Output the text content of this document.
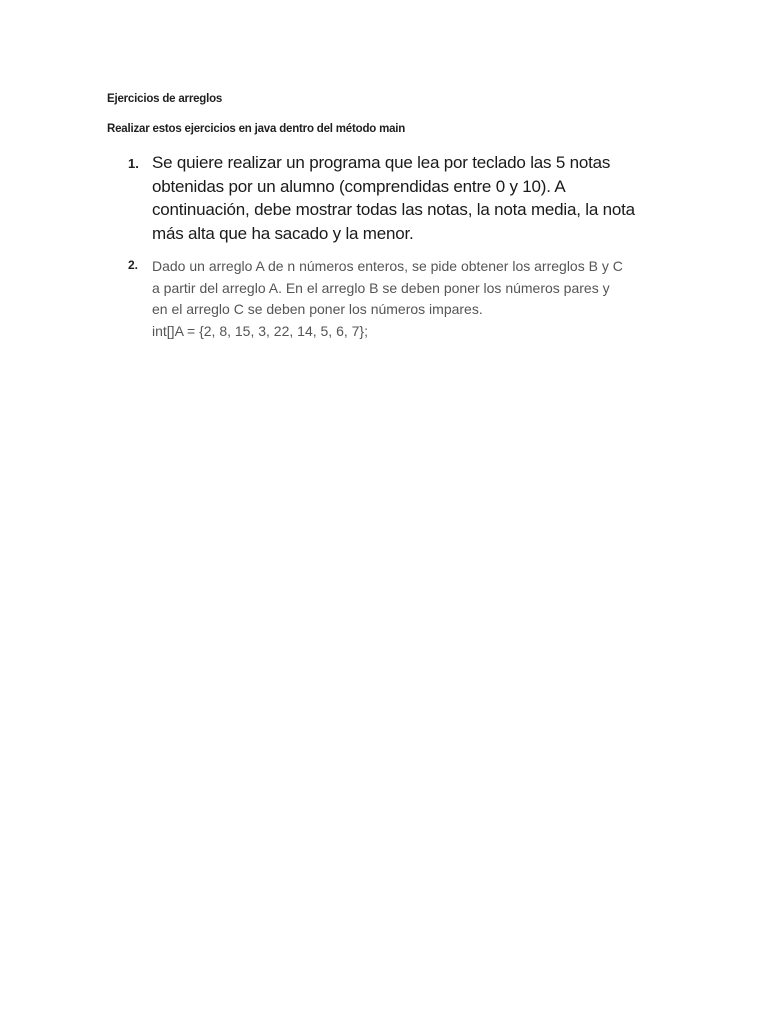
Ejercicios de arreglos
Realizar estos ejercicios en java dentro del método main
1. Se quiere realizar un programa que lea por teclado las 5 notas
obtenidas por un alumno (comprendidas entre 0 y 10). A
continuación, debe mostrar todas las notas, la nota media, la nota
más alta que ha sacado y la menor.
2. Dado un arreglo A de n números enteros, se pide obtener los arreglos B y C
a partir del arreglo A. En el arreglo B se deben poner los números pares y
en el arreglo C se deben poner los números impares.
int[]A = {2, 8, 15, 3, 22, 14, 5, 6, 7};
